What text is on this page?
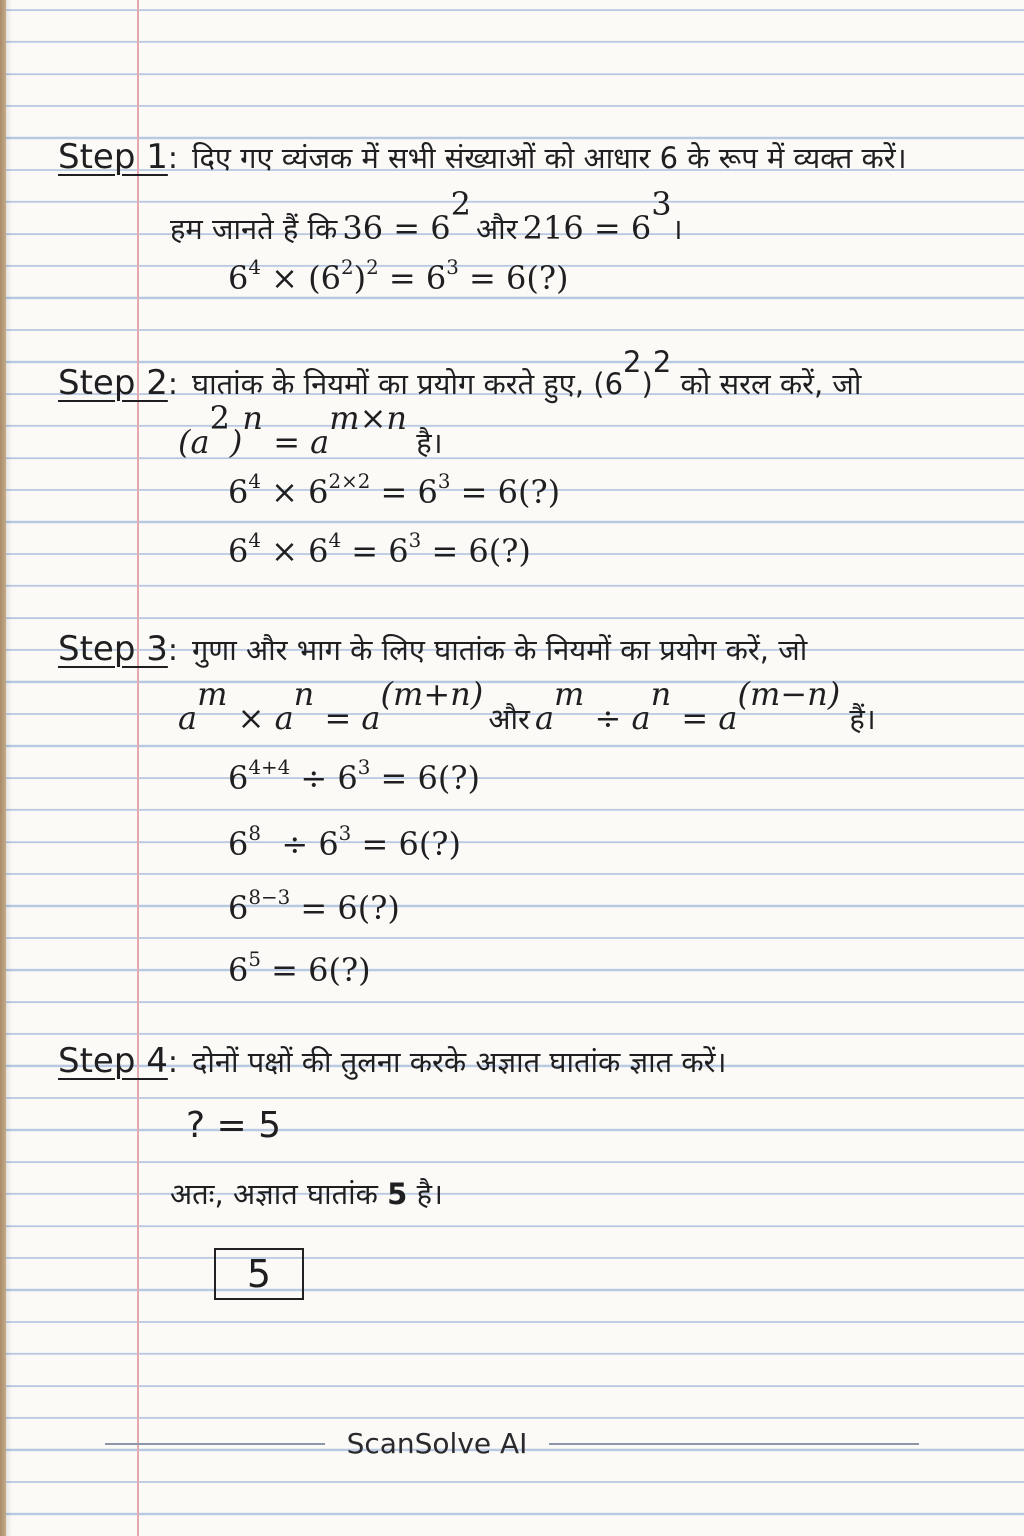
Step 1: दिए गए व्यंजक में सभी संख्याओं को आधार 6 के रूप में व्यक्त करें।
हम जानते हैं कि $36 = 6^2$ और $216 = 6^3।$
$6^4 \times (6^2)^2 = 6^3$ = 6(?)
Step 2: घातांक के नियमों का प्रयोग करते हुए, $(6^2)^2$ को सरल करें, जो
$(a^2)^n = a^{m\times n}$ है।
$6^4 \times 6^{2\times 2} = 6^3$ = 6(?)
$6^4 \times 6^4 = 6^3$ = 6(?)
Step 3: गुणा और भाग के लिए घातांक के नियमों का प्रयोग करें, जो
$a^m \times a^n = a^{(m+n)}$ और $a^m \div a^n = a^{(m-n)}$ हैं।
$6^{4+4} \div 6^3$ = 6(?)
$6^8 \div 6^3$ = 6(?)
$6^{8-3}$ = 6(?)
$6^5$ = 6(?)
Step 4: दोनों पक्षों की तुलना करके अज्ञात घातांक ज्ञात करें।
? = 5
अतः, अज्ञात घातांक 5 है।
5
ScanSolve AI
